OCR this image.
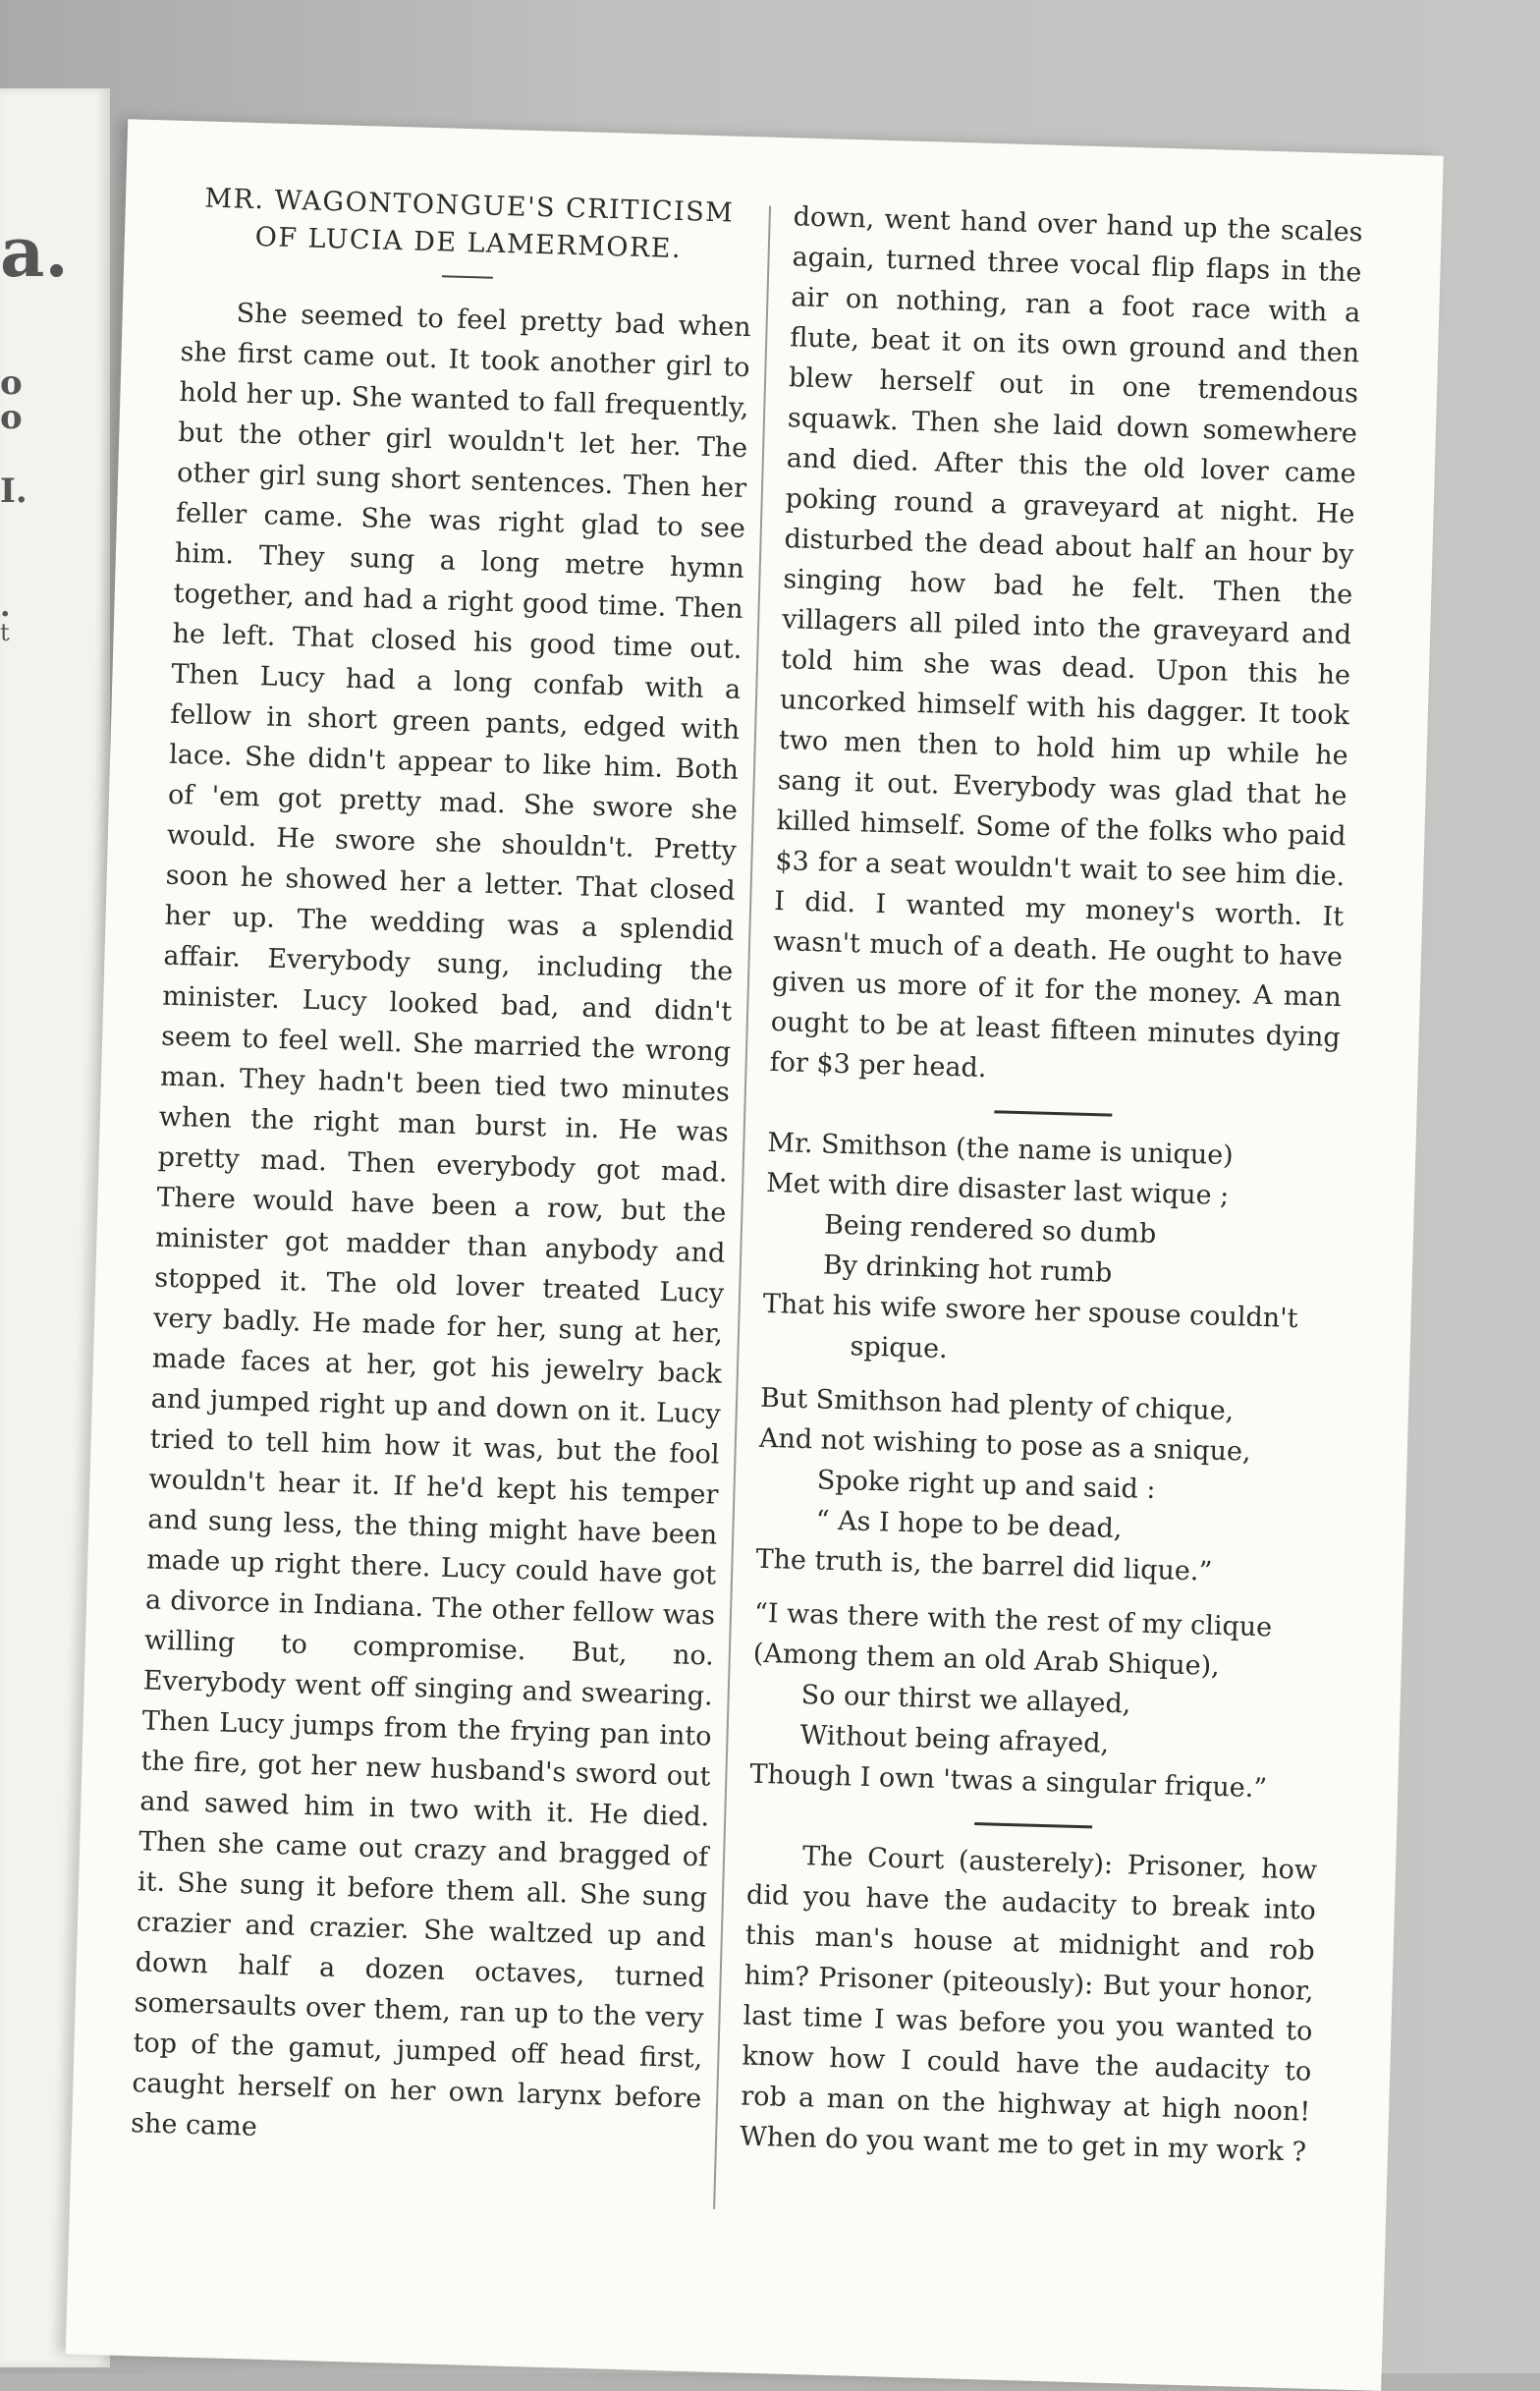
a.
o
o
I.
.
t
MR. WAGONTONGUE'S CRITICISM
OF LUCIA DE LAMERMORE.

She seemed to feel pretty bad when she first came out. It took another girl to hold her up. She wanted to fall frequently, but the other girl wouldn't let her. The other girl sung short sentences. Then her feller came. She was right glad to see him. They sung a long metre hymn together, and had a right good time. Then he left. That closed his good time out. Then Lucy had a long confab with a fellow in short green pants, edged with lace. She didn't appear to like him. Both of 'em got pretty mad. She swore she would. He swore she shouldn't. Pretty soon he showed her a letter. That closed her up. The wedding was a splendid affair. Everybody sung, including the minister. Lucy looked bad, and didn't seem to feel well. She married the wrong man. They hadn't been tied two minutes when the right man burst in. He was pretty mad. Then everybody got mad. There would have been a row, but the minister got madder than anybody and stopped it. The old lover treated Lucy very badly. He made for her, sung at her, made faces at her, got his jewelry back and jumped right up and down on it. Lucy tried to tell him how it was, but the fool wouldn't hear it. If he'd kept his temper and sung less, the thing might have been made up right there. Lucy could have got a divorce in Indiana. The other fellow was willing to compromise. But, no. Everybody went off singing and swearing. Then Lucy jumps from the frying pan into the fire, got her new husband's sword out and sawed him in two with it. He died. Then she came out crazy and bragged of it. She sung it before them all. She sung crazier and crazier. She waltzed up and down half a dozen octaves, turned somersaults over them, ran up to the very top of the gamut, jumped off head first, caught herself on her own larynx before she came

down, went hand over hand up the scales again, turned three vocal flip flaps in the air on nothing, ran a foot race with a flute, beat it on its own ground and then blew herself out in one tremendous squawk. Then she laid down somewhere and died. After this the old lover came poking round a graveyard at night. He disturbed the dead about half an hour by singing how bad he felt. Then the villagers all piled into the graveyard and told him she was dead. Upon this he uncorked himself with his dagger. It took two men then to hold him up while he sang it out. Everybody was glad that he killed himself. Some of the folks who paid $3 for a seat wouldn't wait to see him die. I did. I wanted my money's worth. It wasn't much of a death. He ought to have given us more of it for the money. A man ought to be at least fifteen minutes dying for $3 per head.

Mr. Smithson (the name is unique)
Met with dire disaster last wique ;
Being rendered so dumb
By drinking hot rumb
That his wife swore her spouse couldn't
spique.
But Smithson had plenty of chique,
And not wishing to pose as a snique,
Spoke right up and said :
“ As I hope to be dead,
The truth is, the barrel did lique.”
“I was there with the rest of my clique
(Among them an old Arab Shique),
So our thirst we allayed,
Without being afrayed,
Though I own 'twas a singular frique.”

The Court (austerely): Prisoner, how did you have the audacity to break into this man's house at midnight and rob him? Prisoner (piteously): But your honor, last time I was before you you wanted to know how I could have the audacity to rob a man on the highway at high noon! When do you want me to get in my work ?
